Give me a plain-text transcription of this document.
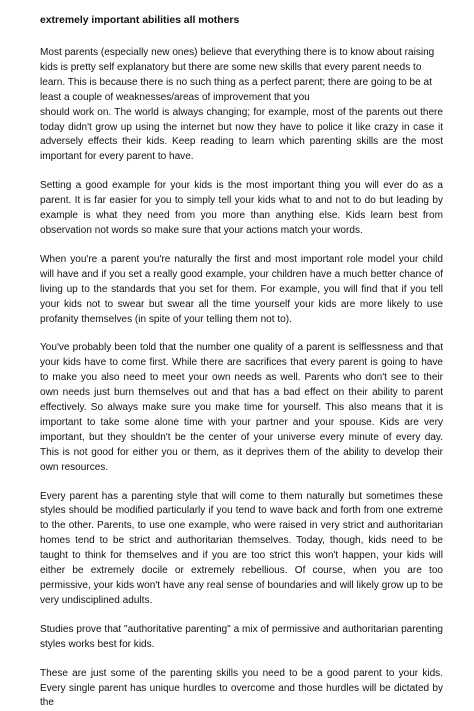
extremely important abilities all mothers
Most parents (especially new ones) believe that everything there is to know about raising kids is pretty self explanatory but there are some new skills that every parent needs to learn. This is because there is no such thing as a perfect parent; there are going to be at least a couple of weaknesses/areas of improvement that you
should work on. The world is always changing; for example, most of the parents out there today didn't grow up using the internet but now they have to police it like crazy in case it adversely effects their kids. Keep reading to learn which parenting skills are the most important for every parent to have.
Setting a good example for your kids is the most important thing you will ever do as a parent. It is far easier for you to simply tell your kids what to and not to do but leading by example is what they need from you more than anything else. Kids learn best from observation not words so make sure that your actions match your words.
When you're a parent you're naturally the first and most important role model your child will have and if you set a really good example, your children have a much better chance of living up to the standards that you set for them. For example, you will find that if you tell your kids not to swear but swear all the time yourself your kids are more likely to use profanity themselves (in spite of your telling them not to).
You've probably been told that the number one quality of a parent is selflessness and that your kids have to come first. While there are sacrifices that every parent is going to have to make you also need to meet your own needs as well. Parents who don't see to their own needs just burn themselves out and that has a bad effect on their ability to parent effectively. So always make sure you make time for yourself. This also means that it is important to take some alone time with your partner and your spouse. Kids are very important, but they shouldn't be the center of your universe every minute of every day. This is not good for either you or them, as it deprives them of the ability to develop their own resources.
Every parent has a parenting style that will come to them naturally but sometimes these styles should be modified particularly if you tend to wave back and forth from one extreme to the other. Parents, to use one example, who were raised in very strict and authoritarian homes tend to be strict and authoritarian themselves. Today, though, kids need to be taught to think for themselves and if you are too strict this won't happen, your kids will either be extremely docile or extremely rebellious. Of course, when you are too permissive, your kids won't have any real sense of boundaries and will likely grow up to be very undisciplined adults.
Studies prove that "authoritative parenting" a mix of permissive and authoritarian parenting styles works best for kids.
These are just some of the parenting skills you need to be a good parent to your kids. Every single parent has unique hurdles to overcome and those hurdles will be dictated by the
